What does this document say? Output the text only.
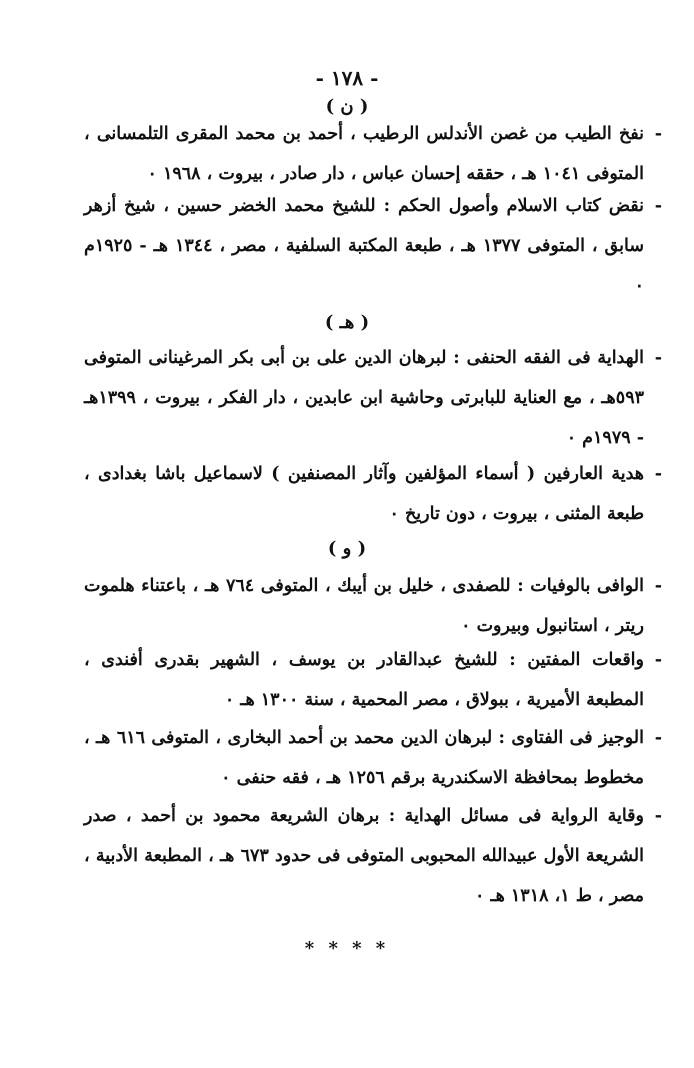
- ١٧٨ -
( ن )
-
نفخ الطيب من غصن الأندلس الرطيب ، أحمد بن محمد المقرى التلمسانى ، المتوفى ١٠٤١ هـ ، حققه إحسان عباس ، دار صادر ، بيروت ، ١٩٦٨ ٠
-
نقض كتاب الاسلام وأصول الحكم : للشيخ محمد الخضر حسين ، شيخ أزهر سابق ، المتوفى ١٣٧٧ هـ ، طبعة المكتبة السلفية ، مصر ، ١٣٤٤ هـ - ١٩٢٥م ٠
( هـ )
-
الهداية فى الفقه الحنفى : لبرهان الدين على بن أبى بكر المرغينانى المتوفى ٥٩٣هـ ، مع العناية للبابرتى وحاشية ابن عابدين ، دار الفكر ، بيروت ، ١٣٩٩هـ - ١٩٧٩م ٠
-
هدية العارفين ( أسماء المؤلفين وآثار المصنفين ) لاسماعيل باشا بغدادى ، طبعة المثنى ، بيروت ، دون تاريخ ٠
( و )
-
الوافى بالوفيات : للصفدى ، خليل بن أيبك ، المتوفى ٧٦٤ هـ ، باعتناء هلموت ريتر ، استانبول وبيروت ٠
-
واقعات المفتين : للشيخ عبدالقادر بن يوسف ، الشهير بقدرى أفندى ، المطبعة الأميرية ، ببولاق ، مصر المحمية ، سنة ١٣٠٠ هـ ٠
-
الوجيز فى الفتاوى : لبرهان الدين محمد بن أحمد البخارى ، المتوفى ٦١٦ هـ ، مخطوط بمحافظة الاسكندرية برقم ١٢٥٦ هـ ، فقه حنفى ٠
-
وقاية الرواية فى مسائل الهداية : برهان الشريعة محمود بن أحمد ، صدر الشريعة الأول عبيدالله المحبوبى المتوفى فى حدود ٦٧٣ هـ ، المطبعة الأدبية ، مصر ، ط ١، ١٣١٨ هـ ٠
* * * *
